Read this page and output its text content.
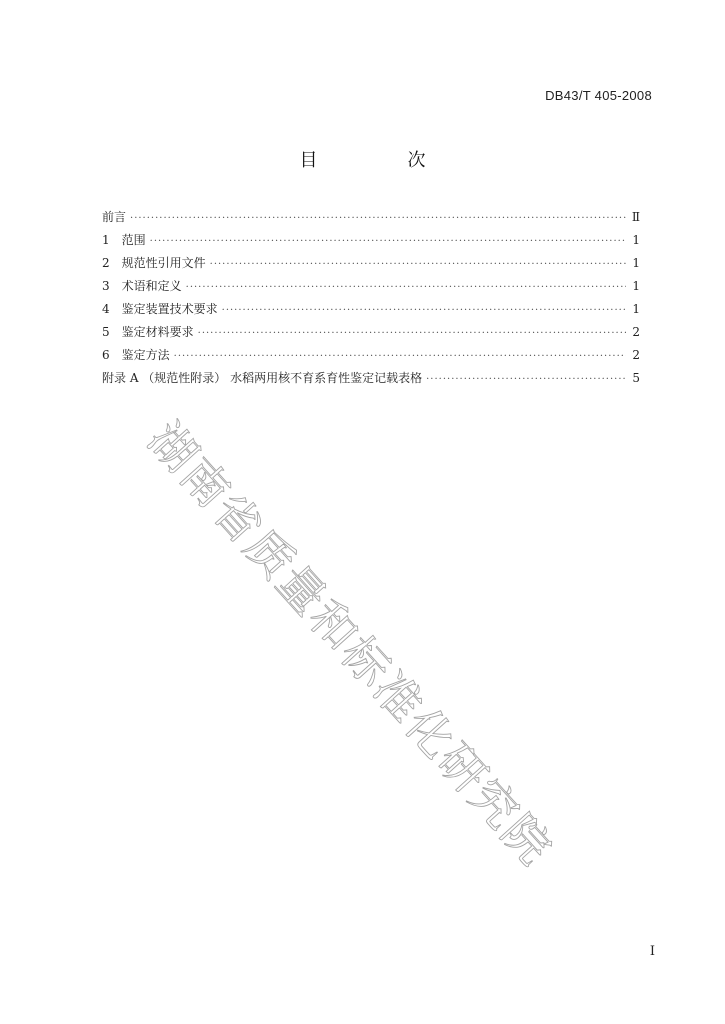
DB43/T 405-2008
目　次
前言 ·····	Ⅱ
1　范围 ·····	1
2　规范性引用文件 ·····	1
3　术语和定义 ·····	1
4　鉴定装置技术要求 ·····	1
5　鉴定材料要求 ·····	2
6　鉴定方法 ·····	2
附录 A （规范性附录） 水稻两用核不育系育性鉴定记载表格 ·····	5
湖南省质量和标准化研究院
Ⅰ
